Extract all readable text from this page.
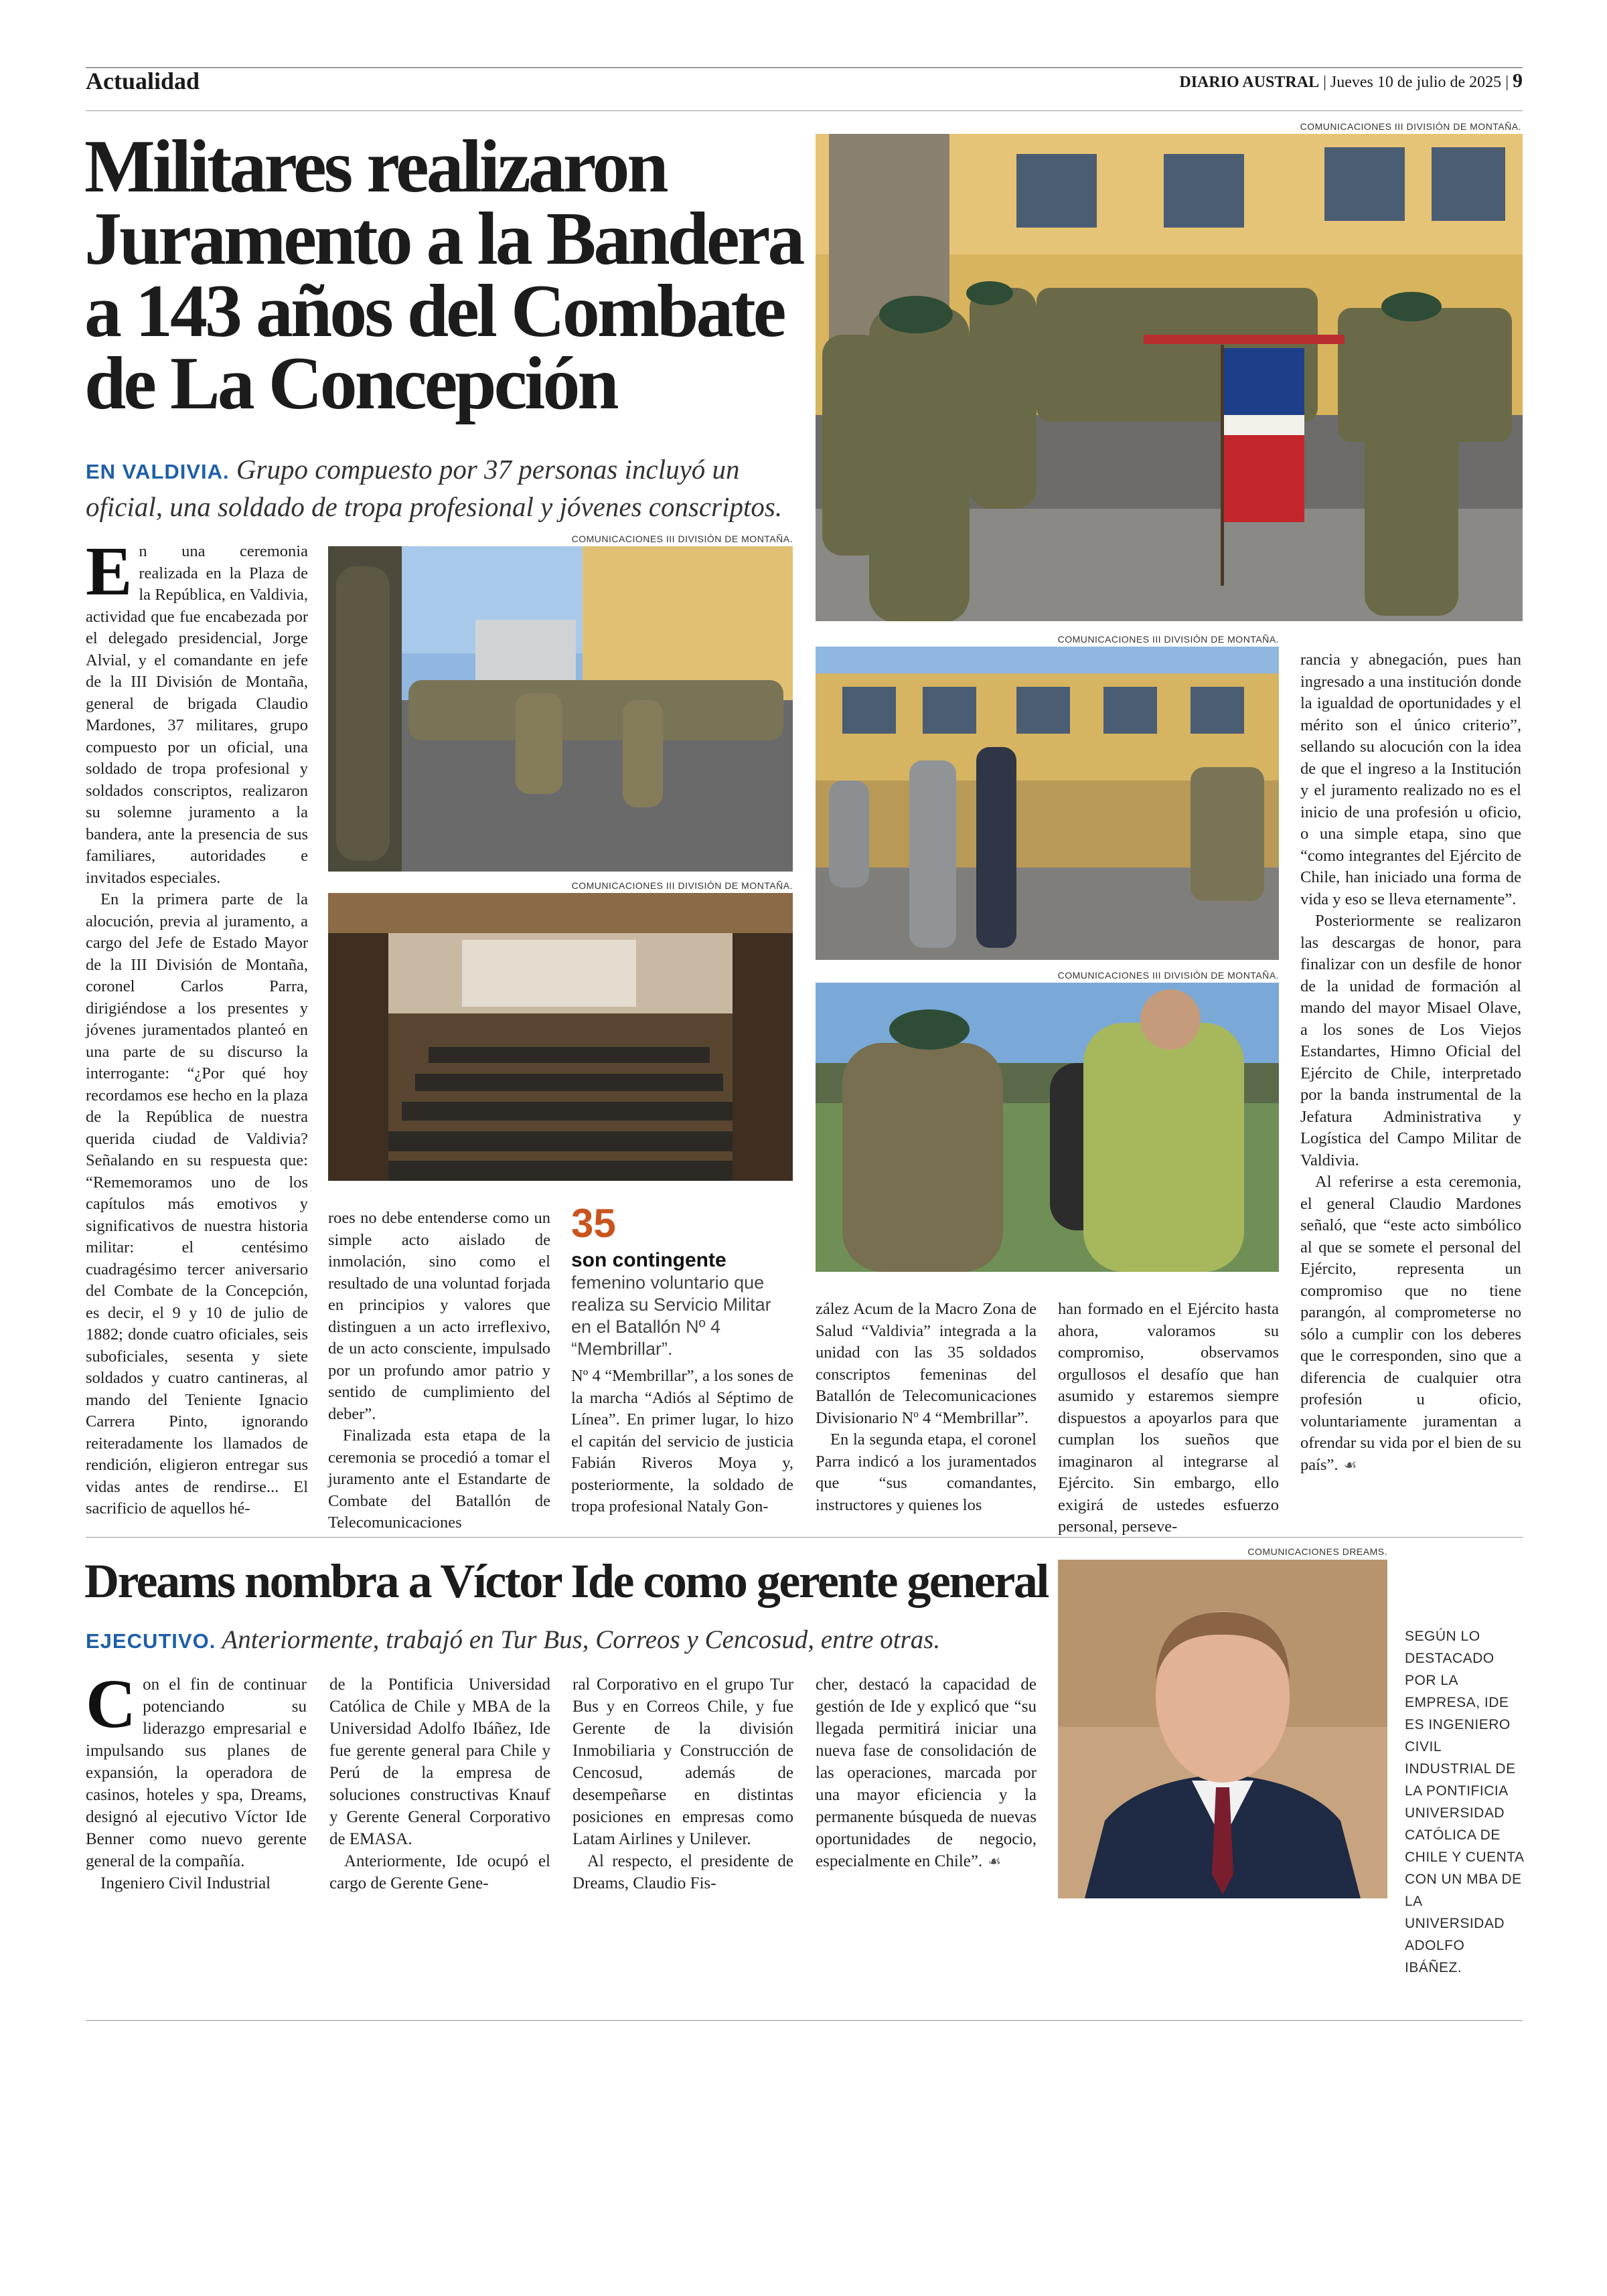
Actualidad	DIARIO AUSTRAL | Jueves 10 de julio de 2025 | 9
Militares realizaron
Juramento a la Bandera
a 143 años del Combate
de La Concepción
EN VALDIVIA. Grupo compuesto por 37 personas incluyó un oficial, una soldado de tropa profesional y jóvenes conscriptos.
COMUNICACIONES III DIVISIÓN DE MONTAÑA.
COMUNICACIONES III DIVISIÓN DE MONTAÑA.
COMUNICACIONES III DIVISIÓN DE MONTAÑA.
COMUNICACIONES III DIVISIÓN DE MONTAÑA.
COMUNICACIONES III DIVISIÓN DE MONTAÑA.

En una ceremonia realizada en la Plaza de la República, en Valdivia, actividad que fue encabezada por el delegado presidencial, Jorge Alvial, y el comandante en jefe de la III División de Montaña, general de brigada Claudio Mardones, 37 militares, grupo compuesto por un oficial, una soldado de tropa profesional y soldados conscriptos, realizaron su solemne juramento a la bandera, ante la presencia de sus familiares, autoridades e invitados especiales.

En la primera parte de la alocución, previa al juramento, a cargo del Jefe de Estado Mayor de la III División de Montaña, coronel Carlos Parra, dirigiéndose a los presentes y jóvenes juramentados planteó en una parte de su discurso la interrogante: “¿Por qué hoy recordamos ese hecho en la plaza de la República de nuestra querida ciudad de Valdivia? Señalando en su respuesta que: “Rememoramos uno de los capítulos más emotivos y significativos de nuestra historia militar: el centésimo cuadragésimo tercer aniversario del Combate de la Concepción, es decir, el 9 y 10 de julio de 1882; donde cuatro oficiales, seis suboficiales, sesenta y siete soldados y cuatro cantineras, al mando del Teniente Ignacio Carrera Pinto, ignorando reiteradamente los llamados de rendición, eligieron entregar sus vidas antes de rendirse... El sacrificio de aquellos hé-

roes no debe entenderse como un simple acto aislado de inmolación, sino como el resultado de una voluntad forjada en principios y valores que distinguen a un acto irreflexivo, de un acto consciente, impulsado por un profundo amor patrio y sentido de cumplimiento del deber”.

Finalizada esta etapa de la ceremonia se procedió a tomar el juramento ante el Estandarte de Combate del Batallón de Telecomunicaciones

35
son contingente femenino voluntario que realiza su Servicio Militar en el Batallón Nº 4 “Membrillar”.

Nº 4 “Membrillar”, a los sones de la marcha “Adiós al Séptimo de Línea”. En primer lugar, lo hizo el capitán del servicio de justicia Fabián Riveros Moya y, posteriormente, la soldado de tropa profesional Nataly Gon-

zález Acum de la Macro Zona de Salud “Valdivia” integrada a la unidad con las 35 soldados conscriptos femeninas del Batallón de Telecomunicaciones Divisionario Nº 4 “Membrillar”.

En la segunda etapa, el coronel Parra indicó a los juramentados que “sus comandantes, instructores y quienes los

han formado en el Ejército hasta ahora, valoramos su compromiso, observamos orgullosos el desafío que han asumido y estaremos siempre dispuestos a apoyarlos para que cumplan los sueños que imaginaron al integrarse al Ejército. Sin embargo, ello exigirá de ustedes esfuerzo personal, perseve-

rancia y abnegación, pues han ingresado a una institución donde la igualdad de oportunidades y el mérito son el único criterio”, sellando su alocución con la idea de que el ingreso a la Institución y el juramento realizado no es el inicio de una profesión u oficio, o una simple etapa, sino que “como integrantes del Ejército de Chile, han iniciado una forma de vida y eso se lleva eternamente”.

Posteriormente se realizaron las descargas de honor, para finalizar con un desfile de honor de la unidad de formación al mando del mayor Misael Olave, a los sones de Los Viejos Estandartes, Himno Oficial del Ejército de Chile, interpretado por la banda instrumental de la Jefatura Administrativa y Logística del Campo Militar de Valdivia.

Al referirse a esta ceremonia, el general Claudio Mardones señaló, que “este acto simbólico al que se somete el personal del Ejército, representa un compromiso que no tiene parangón, al comprometerse no sólo a cumplir con los deberes que le corresponden, sino que a diferencia de cualquier otra profesión u oficio, voluntariamente juramentan a ofrendar su vida por el bien de su país”. ☙

Dreams nombra a Víctor Ide como gerente general
EJECUTIVO. Anteriormente, trabajó en Tur Bus, Correos y Cencosud, entre otras.

Con el fin de continuar potenciando su liderazgo empresarial e impulsando sus planes de expansión, la operadora de casinos, hoteles y spa, Dreams, designó al ejecutivo Víctor Ide Benner como nuevo gerente general de la compañía.

Ingeniero Civil Industrial

de la Pontificia Universidad Católica de Chile y MBA de la Universidad Adolfo Ibáñez, Ide fue gerente general para Chile y Perú de la empresa de soluciones constructivas Knauf y Gerente General Corporativo de EMASA.

Anteriormente, Ide ocupó el cargo de Gerente Gene-

ral Corporativo en el grupo Tur Bus y en Correos Chile, y fue Gerente de la división Inmobiliaria y Construcción de Cencosud, además de desempeñarse en distintas posiciones en empresas como Latam Airlines y Unilever.

Al respecto, el presidente de Dreams, Claudio Fis-

cher, destacó la capacidad de gestión de Ide y explicó que “su llegada permitirá iniciar una nueva fase de consolidación de las operaciones, marcada por una mayor eficiencia y la permanente búsqueda de nuevas oportunidades de negocio, especialmente en Chile”. ☙

COMUNICACIONES DREAMS.
SEGÚN LO DESTACADO POR LA EMPRESA, IDE ES INGENIERO CIVIL INDUSTRIAL DE LA PONTIFICIA UNIVERSIDAD CATÓLICA DE CHILE Y CUENTA CON UN MBA DE LA UNIVERSIDAD ADOLFO IBÁÑEZ.
